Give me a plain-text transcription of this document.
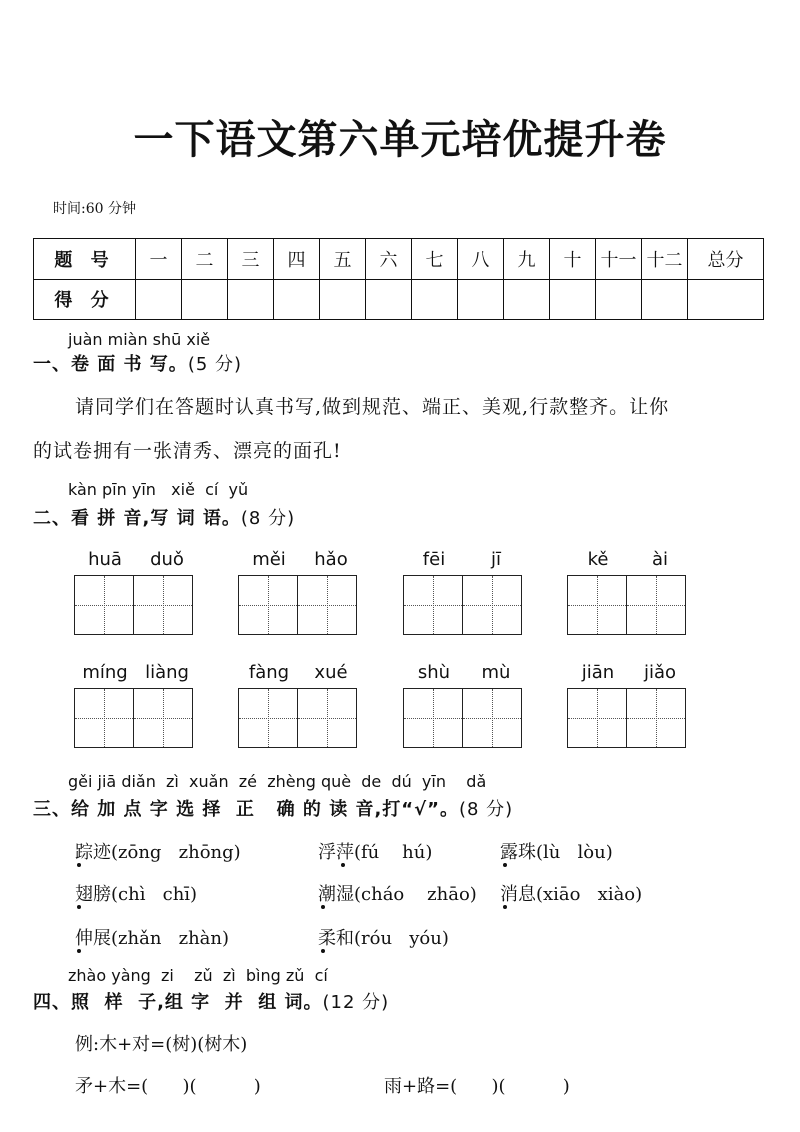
一下语文第六单元培优提升卷
时间:60 分钟
题 号	一	二	三	四	五	六	七	八	九	十	十一	十二	总分
得 分													
juàn miàn shū xiě
一、卷 面 书 写。(5 分)
请同学们在答题时认真书写,做到规范、端正、美观,行款整齐。让你
的试卷拥有一张清秀、漂亮的面孔!
kàn pīn yīn   xiě  cí  yǔ
二、看 拼 音,写 词 语。(8 分)
huā	duǒ	měi	hǎo	fēi	jī	kě	ài
míng liàng	fàng	xué	shù	mù	jiān	jiǎo
gěi jiā diǎn  zì  xuǎn  zé  zhèng què  de  dú  yīn    dǎ
三、给 加 点 字 选 择  正   确 的 读 音,打“√”。(8 分)
踪迹(zōng   zhōng)	浮萍(fú    hú)	露珠(lù   lòu)
翅膀(chì   chī)	潮湿(cháo    zhāo) 消息(xiāo   xiào)
伸展(zhǎn   zhàn)	柔和(róu   yóu)
zhào yàng  zi    zǔ  zì  bìng zǔ  cí
四、照  样  子,组 字  并  组 词。(12 分)
例:木+对=(树)(树木)
矛+木=(      )(          )	雨+路=(      )(          )
